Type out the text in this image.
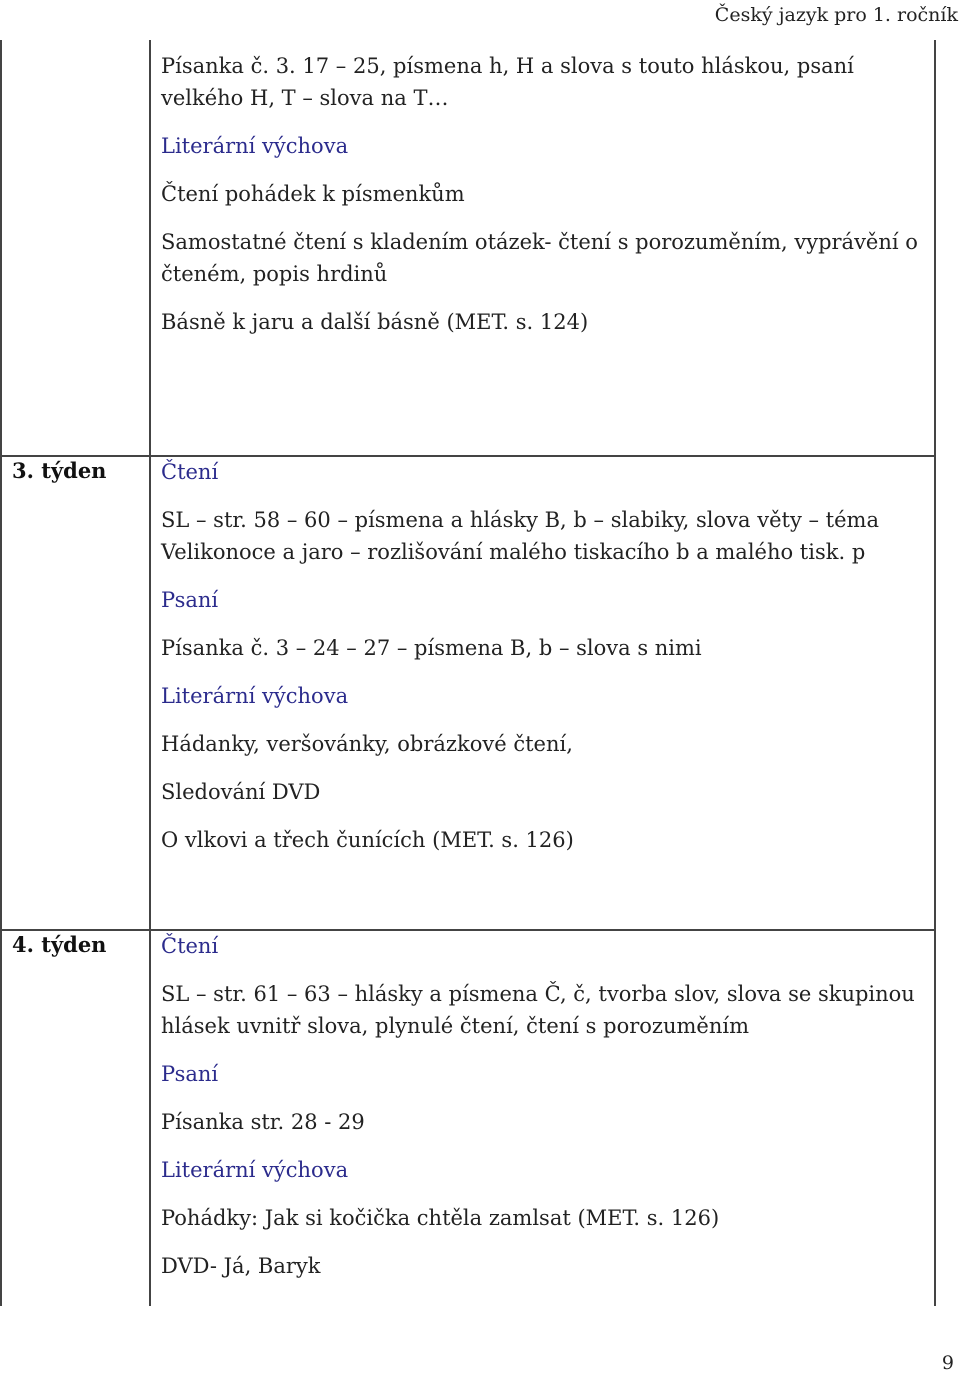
Český jazyk pro 1. ročník

Písanka č. 3. 17 – 25, písmena h, H a slova s touto hláskou, psaní velkého H, T – slova na T…

Literární výchova

Čtení pohádek k písmenkům

Samostatné čtení s kladením otázek- čtení s porozuměním, vyprávění o čteném, popis hrdinů

Básně k jaru a další básně (MET. s. 124)

3. týden	Čtení

SL – str. 58 – 60 – písmena a hlásky B, b – slabiky, slova věty – téma Velikonoce a jaro – rozlišování malého tiskacího b a malého tisk. p

Psaní

Písanka č. 3 – 24 – 27 – písmena B, b – slova s nimi

Literární výchova

Hádanky, veršovánky, obrázkové čtení,

Sledování DVD

O vlkovi a třech čunících (MET. s. 126)

4. týden	Čtení

SL – str. 61 – 63 – hlásky a písmena Č, č, tvorba slov, slova se skupinou hlásek uvnitř slova, plynulé čtení, čtení s porozuměním

Psaní

Písanka str. 28 - 29

Literární výchova

Pohádky: Jak si kočička chtěla zamlsat (MET. s. 126)

DVD- Já, Baryk

9
